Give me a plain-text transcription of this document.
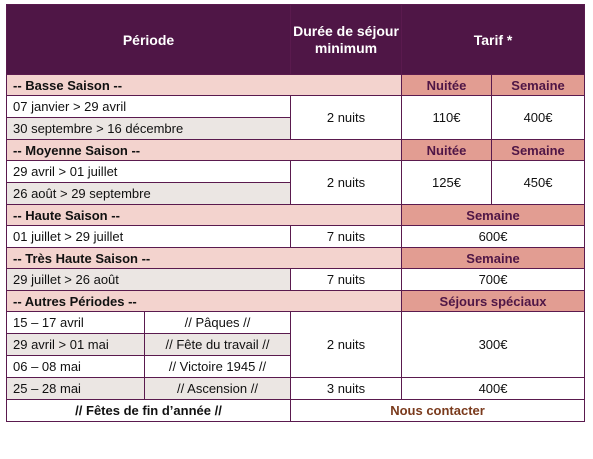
Période		Durée de séjour minimum	Tarif *	
-- Basse Saison --			Nuitée	Semaine
07 janvier > 29 avril		2 nuits	110€	400€
30 septembre > 16 décembre				
-- Moyenne Saison --			Nuitée	Semaine
29 avril > 01 juillet		2 nuits	125€	450€
26 août > 29 septembre				
-- Haute Saison --			Semaine	
01 juillet > 29 juillet		7 nuits	600€	
-- Très Haute Saison --			Semaine	
29 juillet > 26 août		7 nuits	700€	
-- Autres Périodes --			Séjours spéciaux	
15 – 17 avril	// Pâques //	2 nuits	300€	
29 avril > 01 mai	// Fête du travail //			
06 – 08 mai	// Victoire 1945 //			
25 – 28 mai	// Ascension //	3 nuits	400€	
// Fêtes de fin d’année //		Nous contacter		
